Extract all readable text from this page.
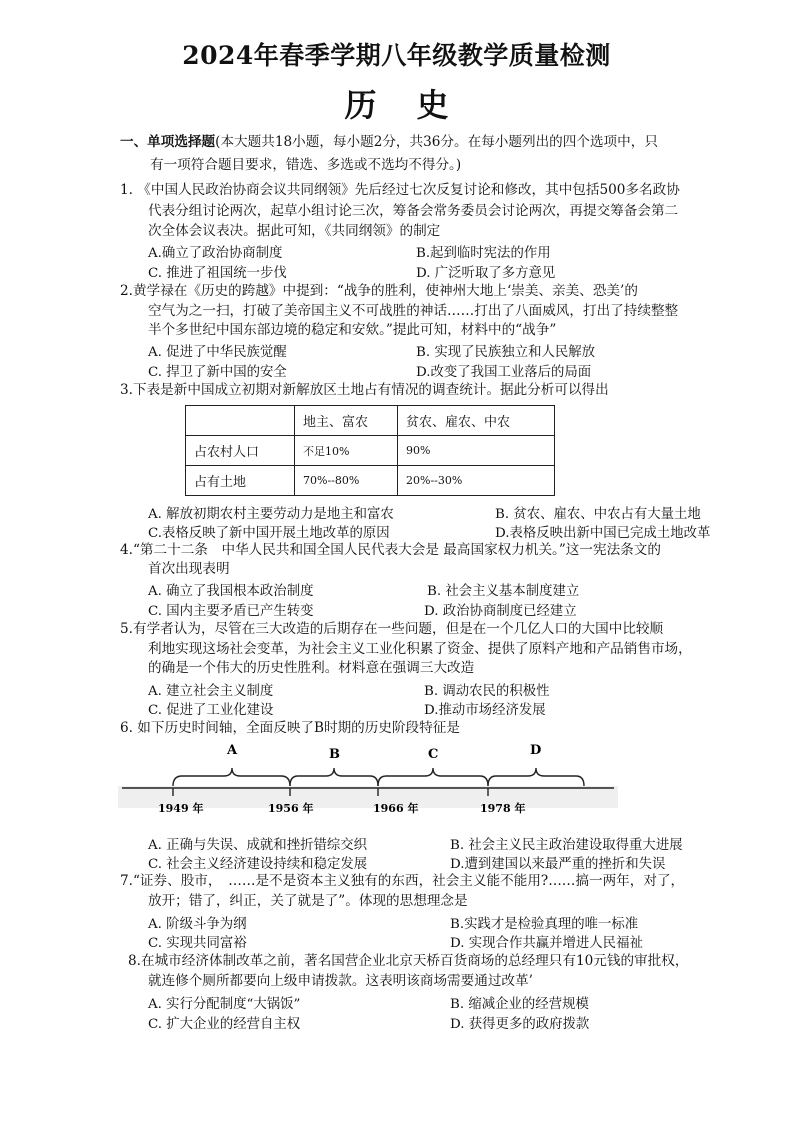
2024年春季学期八年级教学质量检测
历史
一、单项选择题(本大题共18小题，每小题2分，共36分。在每小题列出的四个选项中，只
有一项符合题目要求，错选、多选或不选均不得分。)
1. 《中国人民政治协商会议共同纲领》先后经过七次反复讨论和修改，其中包括500多名政协
代表分组讨论两次，起草小组讨论三次，筹备会常务委员会讨论两次，再提交筹备会第二
次全体会议表决。据此可知，《共同纲领》的制定
A.确立了政治协商制度	B.起到临时宪法的作用
C. 推进了祖国统一步伐	D. 广泛听取了多方意见
2.黄学禄在《历史的跨越》中提到：“战争的胜利，使神州大地上‘崇美、亲美、恐美’的
空气为之一扫，打破了美帝国主义不可战胜的神话……打出了八面威风，打出了持续整整
半个多世纪中国东部边境的稳定和安欸。”提此可知，材料中的“战争”
A. 促进了中华民族觉醒	B. 实现了民族独立和人民解放
C. 捍卫了新中国的安全	D.改变了我国工业落后的局面
3.下表是新中国成立初期对新解放区土地占有情况的调查统计。据此分析可以得出
	地主、富农	贫农、雇农、中农
占农村人口	不足10%	90%
占有土地	70%--80%	20%--30%
A. 解放初期农村主要劳动力是地主和富农	B. 贫农、雇农、中农占有大量土地
C.表格反映了新中国开展土地改革的原因	D.表格反映出新中国已完成土地改革
4.“第二十二条　中华人民共和国全国人民代表大会是 最高国家权力机关。”这一宪法条文的
首次出现表明
A. 确立了我国根本政治制度	B. 社会主义基本制度建立
C. 国内主要矛盾已产生转变	D. 政治协商制度已经建立
5.有学者认为，尽管在三大改造的后期存在一些问题，但是在一个几亿人口的大国中比较顺
利地实现这场社会变革，为社会主义工业化积累了资金、提供了原料产地和产品销售市场，
的确是一个伟大的历史性胜利。材料意在强调三大改造
A. 建立社会主义制度	B. 调动农民的积极性
C. 促进了工业化建设	D.推动市场经济发展
6. 如下历史时间轴，全面反映了B时期的历史阶段特征是
A	B	C	D
1949 年	1956 年	1966 年	1978 年
A. 正确与失误、成就和挫折错综交织	B. 社会主义民主政治建设取得重大进展
C. 社会主义经济建设持续和稳定发展	D.遭到建国以来最严重的挫折和失误
7.“证券、股市，　……是不是资本主义独有的东西，社会主义能不能用?……搞一两年，对了，
放开；错了，纠正，关了就是了”。体现的思想理念是
A. 阶级斗争为纲	B.实践才是检验真理的唯一标准
C. 实现共同富裕	D. 实现合作共赢并增进人民福祉
8.在城市经济体制改革之前，著名国营企业北京天桥百货商场的总经理只有10元钱的审批权，
就连修个厕所都要向上级申请拨款。这表明该商场需要通过改革’
A. 实行分配制度“大锅饭”	B. 缩减企业的经营规模
C. 扩大企业的经营自主权	D. 获得更多的政府拨款
